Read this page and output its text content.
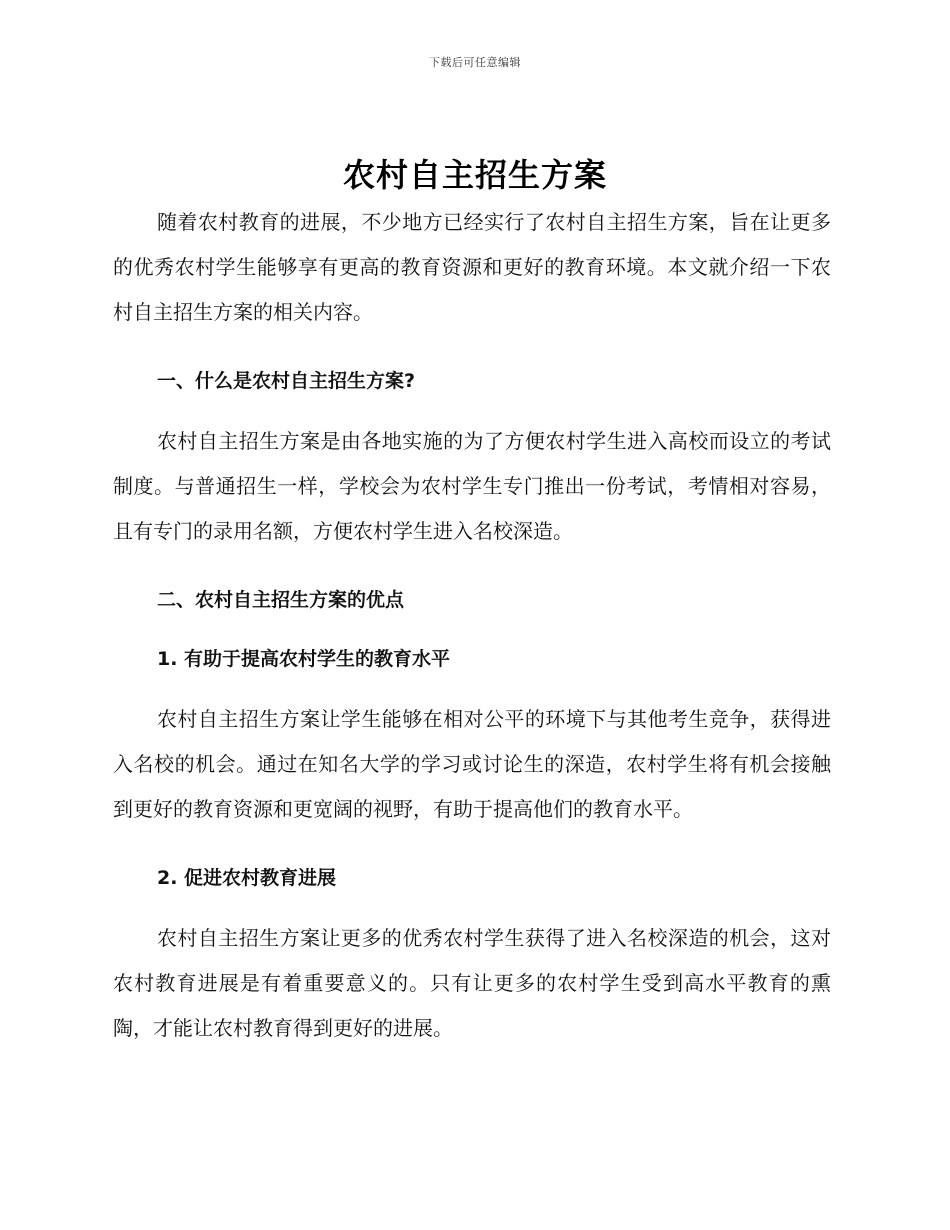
下载后可任意编辑
农村自主招生方案

随着农村教育的进展，不少地方已经实行了农村自主招生方案，旨在让更多的优秀农村学生能够享有更高的教育资源和更好的教育环境。本文就介绍一下农村自主招生方案的相关内容。

一、什么是农村自主招生方案?

农村自主招生方案是由各地实施的为了方便农村学生进入高校而设立的考试制度。与普通招生一样，学校会为农村学生专门推出一份考试，考情相对容易，且有专门的录用名额，方便农村学生进入名校深造。

二、农村自主招生方案的优点
1. 有助于提高农村学生的教育水平

农村自主招生方案让学生能够在相对公平的环境下与其他考生竞争，获得进入名校的机会。通过在知名大学的学习或讨论生的深造，农村学生将有机会接触到更好的教育资源和更宽阔的视野，有助于提高他们的教育水平。

2. 促进农村教育进展

农村自主招生方案让更多的优秀农村学生获得了进入名校深造的机会，这对农村教育进展是有着重要意义的。只有让更多的农村学生受到高水平教育的熏陶，才能让农村教育得到更好的进展。
